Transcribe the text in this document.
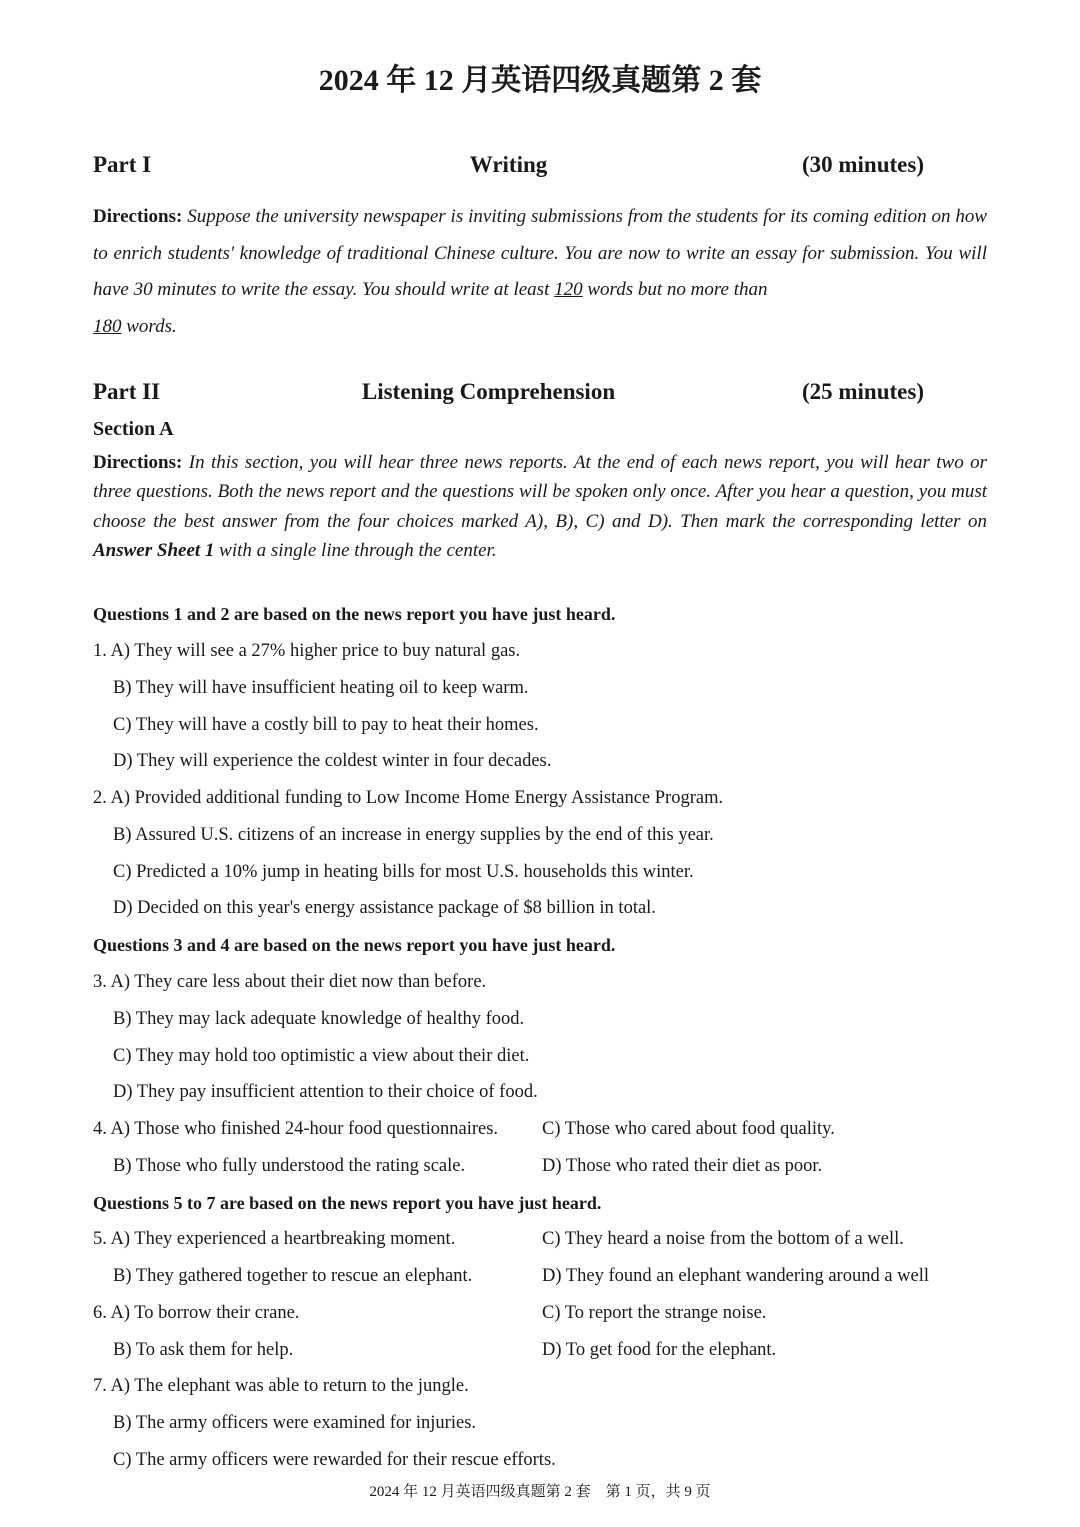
2024 年 12 月英语四级真题第 2 套
Part I	Writing	(30 minutes)
Directions: Suppose the university newspaper is inviting submissions from the students for its coming edition on how to enrich students' knowledge of traditional Chinese culture. You are now to write an essay for submission. You will have 30 minutes to write the essay. You should write at least 120 words but no more than
180 words.
Part II	Listening Comprehension	(25 minutes)
Section A
Directions: In this section, you will hear three news reports. At the end of each news report, you will hear two or three questions. Both the news report and the questions will be spoken only once. After you hear a question, you must choose the best answer from the four choices marked A), B), C) and D). Then mark the corresponding letter on Answer Sheet 1 with a single line through the center.
Questions 1 and 2 are based on the news report you have just heard.
1. A) They will see a 27% higher price to buy natural gas.
B) They will have insufficient heating oil to keep warm.
C) They will have a costly bill to pay to heat their homes.
D) They will experience the coldest winter in four decades.
2. A) Provided additional funding to Low Income Home Energy Assistance Program.
B) Assured U.S. citizens of an increase in energy supplies by the end of this year.
C) Predicted a 10% jump in heating bills for most U.S. households this winter.
D) Decided on this year's energy assistance package of $8 billion in total.
Questions 3 and 4 are based on the news report you have just heard.
3. A) They care less about their diet now than before.
B) They may lack adequate knowledge of healthy food.
C) They may hold too optimistic a view about their diet.
D) They pay insufficient attention to their choice of food.
4. A) Those who finished 24-hour food questionnaires. C) Those who cared about food quality.
B) Those who fully understood the rating scale.	D) Those who rated their diet as poor.
Questions 5 to 7 are based on the news report you have just heard.
5. A) They experienced a heartbreaking moment.	C) They heard a noise from the bottom of a well.
B) They gathered together to rescue an elephant.	D) They found an elephant wandering around a well
6. A) To borrow their crane.	C) To report the strange noise.
B) To ask them for help.	D) To get food for the elephant.
7. A) The elephant was able to return to the jungle.
B) The army officers were examined for injuries.
C) The army officers were rewarded for their rescue efforts.
2024 年 12 月英语四级真题第 2 套　第 1 页，共 9 页
